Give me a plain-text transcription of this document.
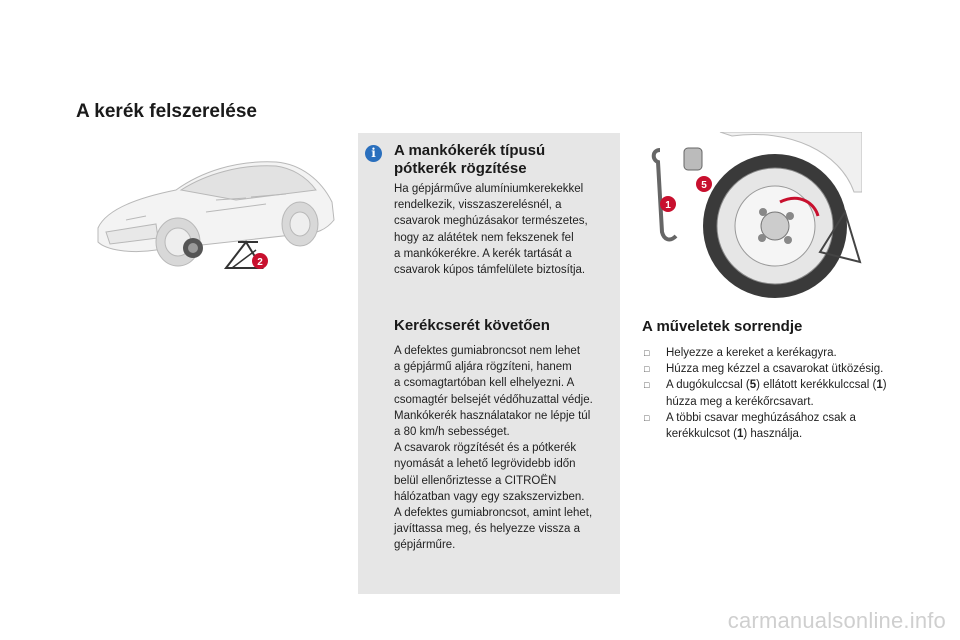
A kerék felszerelése
2
1
5
i	A mankókerék típusú
pótkerék rögzítése

Ha gépjárműve alumíniumkerekekkel
rendelkezik, visszaszerelésnél, a
csavarok meghúzásakor természetes,
hogy az alátétek nem fekszenek fel
a mankókerékre. A kerék tartását a
csavarok kúpos támfelülete biztosítja.

Kerékcserét követően

A defektes gumiabroncsot nem lehet
a gépjármű aljára rögzíteni, hanem
a csomagtartóban kell elhelyezni. A
csomagtér belsejét védőhuzattal védje.
Mankókerék használatakor ne lépje túl
a 80 km/h sebességet.
A csavarok rögzítését és a pótkerék
nyomását a lehető legrövidebb időn
belül ellenőriztesse a CITROËN
hálózatban vagy egy szakszervizben.
A defektes gumiabroncsot, amint lehet,
javíttassa meg, és helyezze vissza a
gépjárműre.

A műveletek sorrendje
□ Helyezze a kereket a kerékagyra.
□ Húzza meg kézzel a csavarokat ütközésig.
□ A dugókulccsal (5) ellátott kerékkulccsal (1)
húzza meg a kerékőrcsavart.
□ A többi csavar meghúzásához csak a
kerékkulcsot (1) használja.

carmanualsonline.info
